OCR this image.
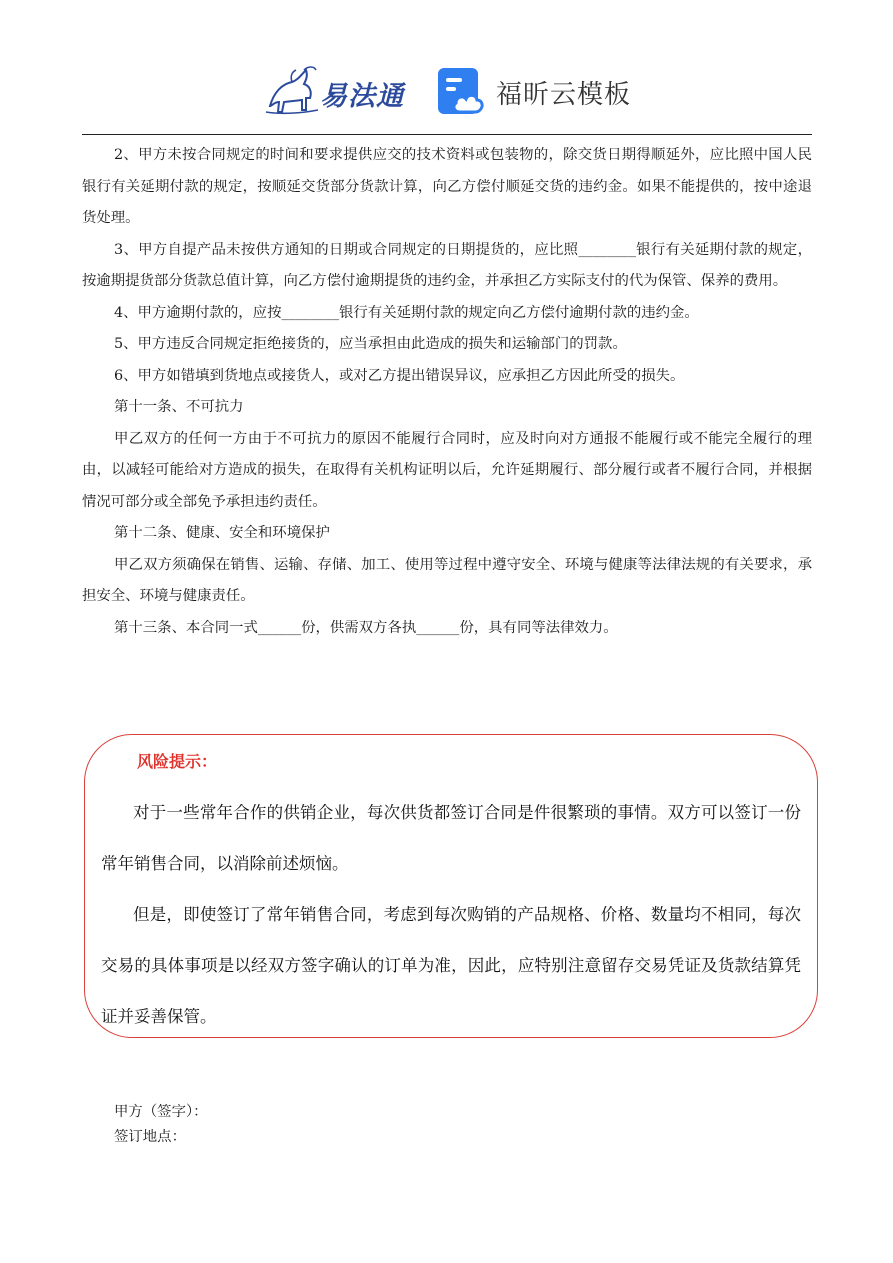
易法通	福昕云模板

2、甲方未按合同规定的时间和要求提供应交的技术资料或包装物的，除交货日期得顺延外，应比照中国人民银行有关延期付款的规定，按顺延交货部分货款计算，向乙方偿付顺延交货的违约金。如果不能提供的，按中途退货处理。

3、甲方自提产品未按供方通知的日期或合同规定的日期提货的，应比照________银行有关延期付款的规定，按逾期提货部分货款总值计算，向乙方偿付逾期提货的违约金，并承担乙方实际支付的代为保管、保养的费用。

4、甲方逾期付款的，应按________银行有关延期付款的规定向乙方偿付逾期付款的违约金。

5、甲方违反合同规定拒绝接货的，应当承担由此造成的损失和运输部门的罚款。

6、甲方如错填到货地点或接货人，或对乙方提出错误异议，应承担乙方因此所受的损失。

第十一条、不可抗力

甲乙双方的任何一方由于不可抗力的原因不能履行合同时，应及时向对方通报不能履行或不能完全履行的理由，以减轻可能给对方造成的损失，在取得有关机构证明以后，允许延期履行、部分履行或者不履行合同，并根据情况可部分或全部免予承担违约责任。

第十二条、健康、安全和环境保护

甲乙双方须确保在销售、运输、存储、加工、使用等过程中遵守安全、环境与健康等法律法规的有关要求，承担安全、环境与健康责任。

第十三条、本合同一式______份，供需双方各执______份，具有同等法律效力。

风险提示：

对于一些常年合作的供销企业，每次供货都签订合同是件很繁琐的事情。双方可以签订一份常年销售合同，以消除前述烦恼。

但是，即使签订了常年销售合同，考虑到每次购销的产品规格、价格、数量均不相同，每次交易的具体事项是以经双方签字确认的订单为准，因此，应特别注意留存交易凭证及货款结算凭证并妥善保管。

甲方（签字）：

签订地点：
